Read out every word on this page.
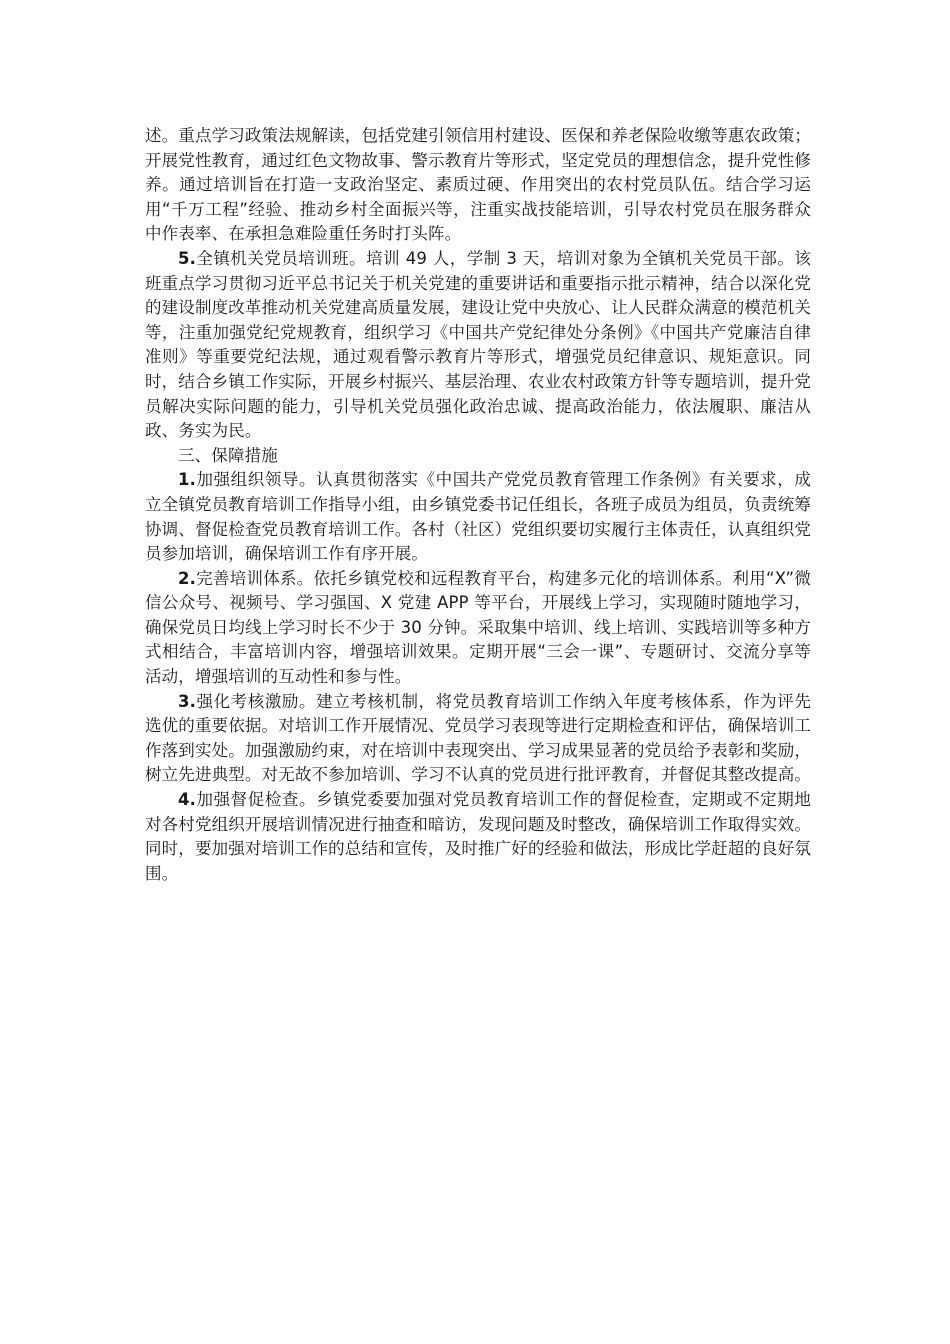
述。重点学习政策法规解读，包括党建引领信用村建设、医保和养老保险收缴等惠农政策；开展党性教育，通过红色文物故事、警示教育片等形式，坚定党员的理想信念，提升党性修养。通过培训旨在打造一支政治坚定、素质过硬、作用突出的农村党员队伍。结合学习运用“千万工程”经验、推动乡村全面振兴等，注重实战技能培训，引导农村党员在服务群众中作表率、在承担急难险重任务时打头阵。

5.全镇机关党员培训班。培训 49 人，学制 3 天，培训对象为全镇机关党员干部。该班重点学习贯彻习近平总书记关于机关党建的重要讲话和重要指示批示精神，结合以深化党的建设制度改革推动机关党建高质量发展，建设让党中央放心、让人民群众满意的模范机关等，注重加强党纪党规教育，组织学习《中国共产党纪律处分条例》《中国共产党廉洁自律准则》等重要党纪法规，通过观看警示教育片等形式，增强党员纪律意识、规矩意识。同时，结合乡镇工作实际，开展乡村振兴、基层治理、农业农村政策方针等专题培训，提升党员解决实际问题的能力，引导机关党员强化政治忠诚、提高政治能力，依法履职、廉洁从政、务实为民。

三、保障措施

1.加强组织领导。认真贯彻落实《中国共产党党员教育管理工作条例》有关要求，成立全镇党员教育培训工作指导小组，由乡镇党委书记任组长，各班子成员为组员，负责统筹协调、督促检查党员教育培训工作。各村（社区）党组织要切实履行主体责任，认真组织党员参加培训，确保培训工作有序开展。

2.完善培训体系。依托乡镇党校和远程教育平台，构建多元化的培训体系。利用“X”微信公众号、视频号、学习强国、X 党建 APP 等平台，开展线上学习，实现随时随地学习，确保党员日均线上学习时长不少于 30 分钟。采取集中培训、线上培训、实践培训等多种方式相结合，丰富培训内容，增强培训效果。定期开展“三会一课”、专题研讨、交流分享等活动，增强培训的互动性和参与性。

3.强化考核激励。建立考核机制，将党员教育培训工作纳入年度考核体系，作为评先选优的重要依据。对培训工作开展情况、党员学习表现等进行定期检查和评估，确保培训工作落到实处。加强激励约束，对在培训中表现突出、学习成果显著的党员给予表彰和奖励，树立先进典型。对无故不参加培训、学习不认真的党员进行批评教育，并督促其整改提高。

4.加强督促检查。乡镇党委要加强对党员教育培训工作的督促检查，定期或不定期地对各村党组织开展培训情况进行抽查和暗访，发现问题及时整改，确保培训工作取得实效。同时，要加强对培训工作的总结和宣传，及时推广好的经验和做法，形成比学赶超的良好氛围。
